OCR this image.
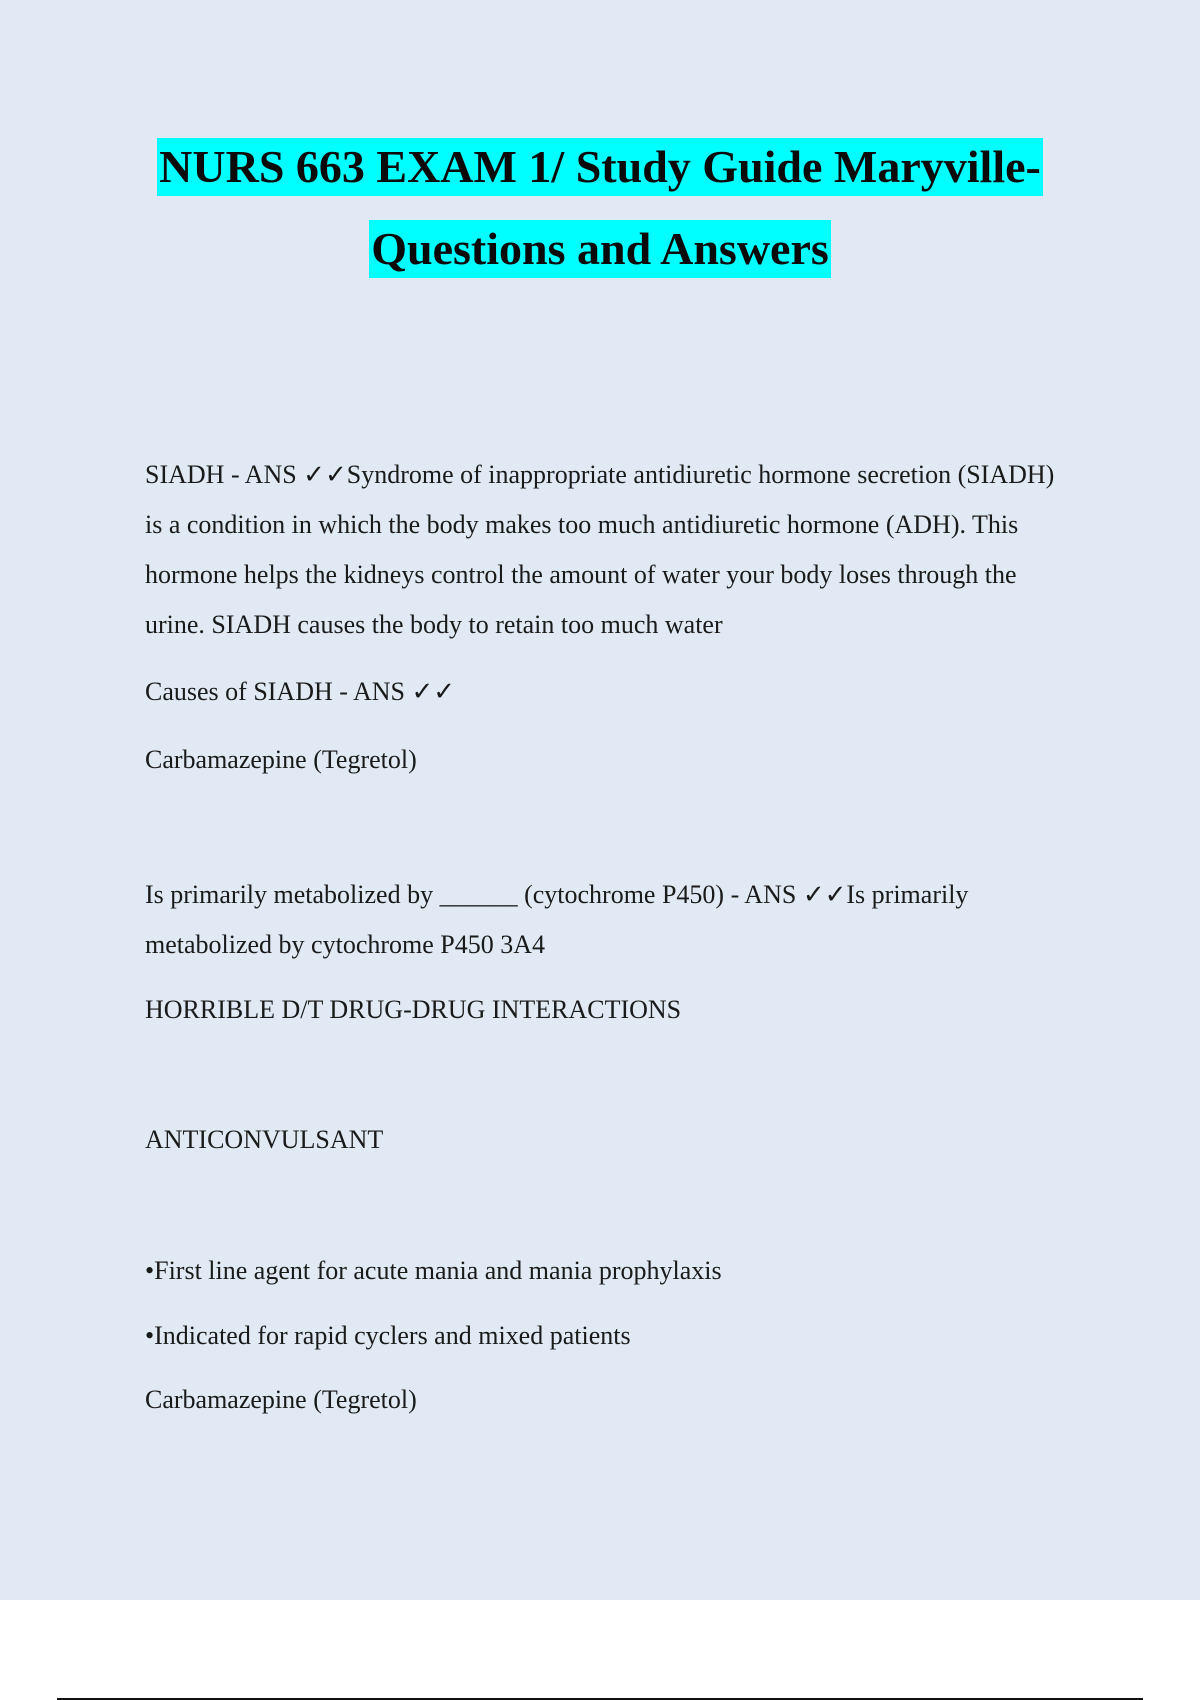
NURS 663 EXAM 1/ Study Guide Maryville-
Questions and Answers

SIADH - ANS ✓✓Syndrome of inappropriate antidiuretic hormone secretion (SIADH) is a condition in which the body makes too much antidiuretic hormone (ADH). This hormone helps the kidneys control the amount of water your body loses through the urine. SIADH causes the body to retain too much water

Causes of SIADH - ANS ✓✓

Carbamazepine (Tegretol)

Is primarily metabolized by ______ (cytochrome P450) - ANS ✓✓Is primarily metabolized by cytochrome P450 3A4

HORRIBLE D/T DRUG-DRUG INTERACTIONS

ANTICONVULSANT

•First line agent for acute mania and mania prophylaxis

•Indicated for rapid cyclers and mixed patients

Carbamazepine (Tegretol)
